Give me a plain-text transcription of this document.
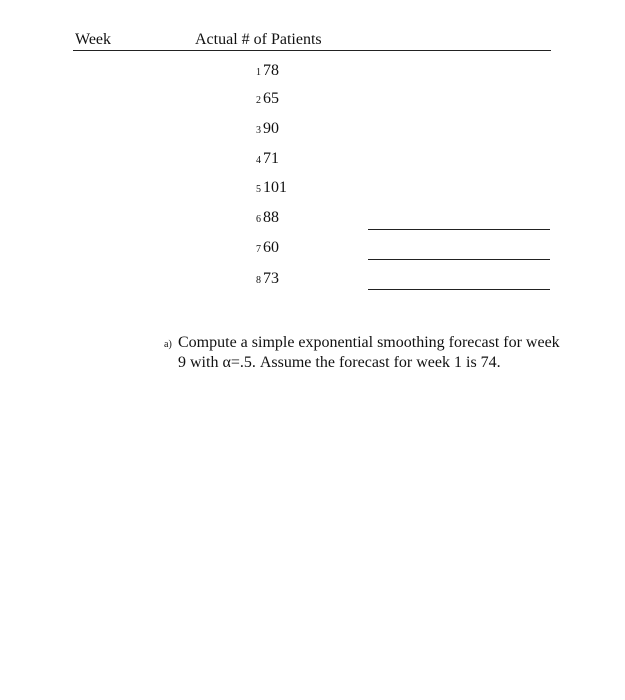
Week	Actual # of Patients
1 78
2 65
3 90
4 71
5 101
6 88
7 60
8 73
a) Compute a simple exponential smoothing forecast for week 9 with α=.5. Assume the forecast for week 1 is 74.
